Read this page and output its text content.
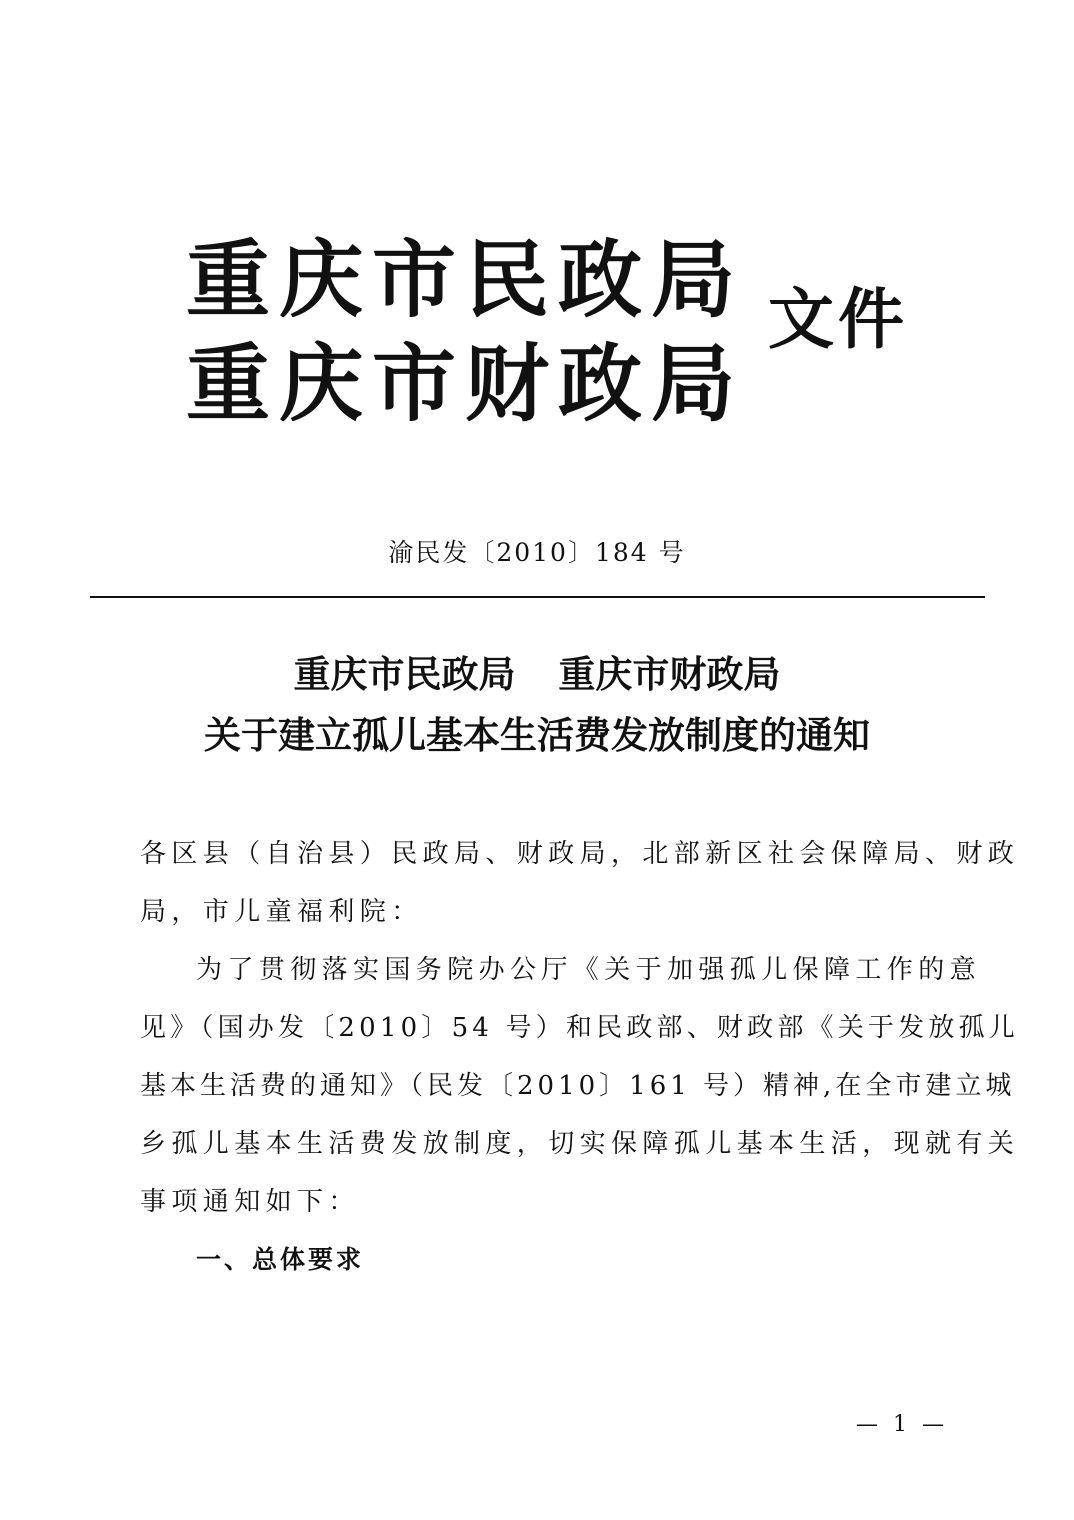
重庆市民政局
重庆市财政局
文件
渝民发〔2010〕184 号
重庆市民政局 重庆市财政局
关于建立孤儿基本生活费发放制度的通知
各区县（自治县）民政局、财政局，北部新区社会保障局、财政
局，市儿童福利院：
为了贯彻落实国务院办公厅《关于加强孤儿保障工作的意
见》（国办发〔2010〕54 号）和民政部、财政部《关于发放孤儿
基本生活费的通知》（民发〔2010〕161 号）精神,在全市建立城
乡孤儿基本生活费发放制度，切实保障孤儿基本生活，现就有关
事项通知如下：
一、总体要求
— 1 —
